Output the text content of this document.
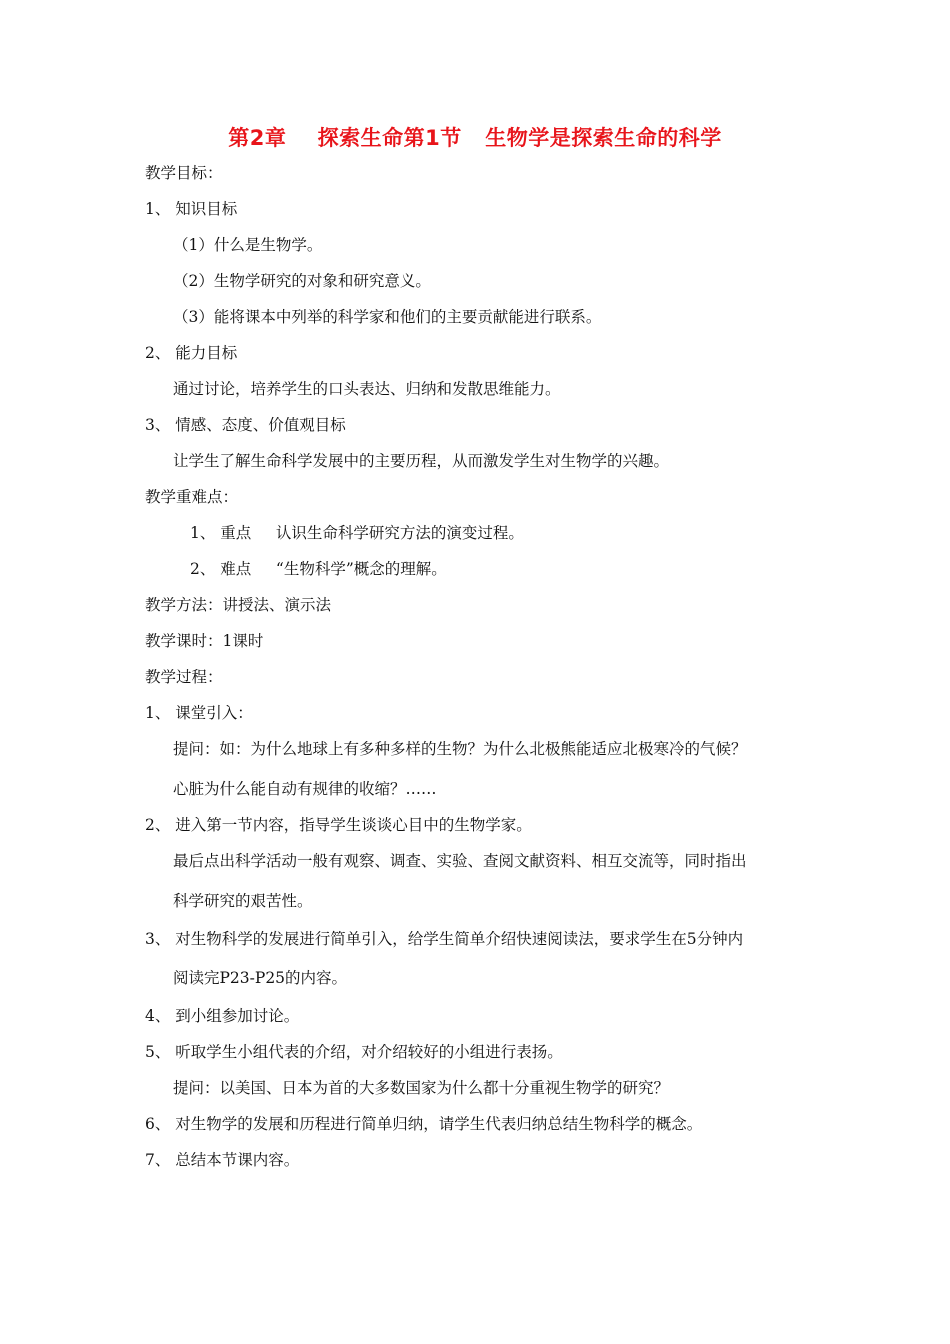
第2章    探索生命第1节   生物学是探索生命的科学
教学目标：
1、 知识目标
（1）什么是生物学。
（2）生物学研究的对象和研究意义。
（3）能将课本中列举的科学家和他们的主要贡献能进行联系。
2、 能力目标
通过讨论，培养学生的口头表达、归纳和发散思维能力。
3、 情感、态度、价值观目标
让学生了解生命科学发展中的主要历程，从而激发学生对生物学的兴趣。
教学重难点：
1、 重点     认识生命科学研究方法的演变过程。
2、 难点     “生物科学”概念的理解。
教学方法：讲授法、演示法
教学课时：1课时
教学过程：
1、 课堂引入：
提问：如：为什么地球上有多种多样的生物？为什么北极熊能适应北极寒冷的气候？
心脏为什么能自动有规律的收缩？……
2、 进入第一节内容，指导学生谈谈心目中的生物学家。
最后点出科学活动一般有观察、调查、实验、查阅文献资料、相互交流等，同时指出
科学研究的艰苦性。
3、 对生物科学的发展进行简单引入，给学生简单介绍快速阅读法，要求学生在5分钟内
阅读完P23-P25的内容。
4、 到小组参加讨论。
5、 听取学生小组代表的介绍，对介绍较好的小组进行表扬。
提问：以美国、日本为首的大多数国家为什么都十分重视生物学的研究？
6、 对生物学的发展和历程进行简单归纳，请学生代表归纳总结生物科学的概念。
7、 总结本节课内容。
